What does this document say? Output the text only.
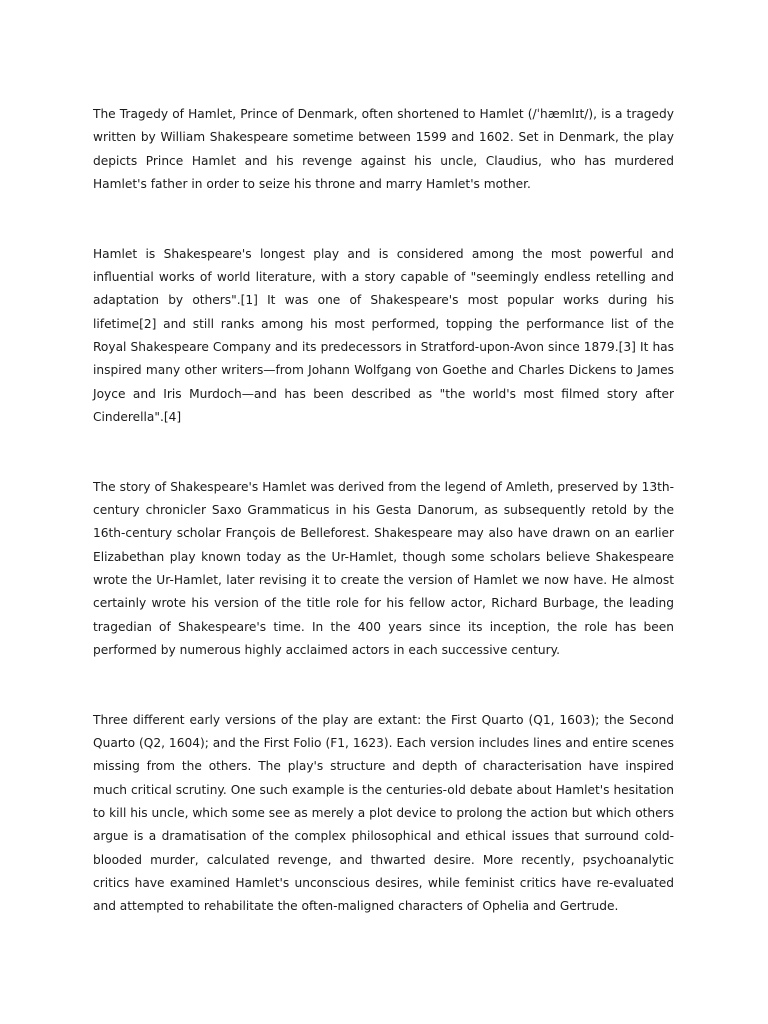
The Tragedy of Hamlet, Prince of Denmark, often shortened to Hamlet (/ˈhæmlɪt/), is a tragedy written by William Shakespeare sometime between 1599 and 1602. Set in Denmark, the play depicts Prince Hamlet and his revenge against his uncle, Claudius, who has murdered Hamlet's father in order to seize his throne and marry Hamlet's mother.

Hamlet is Shakespeare's longest play and is considered among the most powerful and influential works of world literature, with a story capable of "seemingly endless retelling and adaptation by others".[1] It was one of Shakespeare's most popular works during his lifetime[2] and still ranks among his most performed, topping the performance list of the Royal Shakespeare Company and its predecessors in Stratford-upon-Avon since 1879.[3] It has inspired many other writers—from Johann Wolfgang von Goethe and Charles Dickens to James Joyce and Iris Murdoch—and has been described as "the world's most filmed story after Cinderella".[4]

The story of Shakespeare's Hamlet was derived from the legend of Amleth, preserved by 13th-century chronicler Saxo Grammaticus in his Gesta Danorum, as subsequently retold by the 16th-century scholar François de Belleforest. Shakespeare may also have drawn on an earlier Elizabethan play known today as the Ur-Hamlet, though some scholars believe Shakespeare wrote the Ur-Hamlet, later revising it to create the version of Hamlet we now have. He almost certainly wrote his version of the title role for his fellow actor, Richard Burbage, the leading tragedian of Shakespeare's time. In the 400 years since its inception, the role has been performed by numerous highly acclaimed actors in each successive century.

Three different early versions of the play are extant: the First Quarto (Q1, 1603); the Second Quarto (Q2, 1604); and the First Folio (F1, 1623). Each version includes lines and entire scenes missing from the others. The play's structure and depth of characterisation have inspired much critical scrutiny. One such example is the centuries-old debate about Hamlet's hesitation to kill his uncle, which some see as merely a plot device to prolong the action but which others argue is a dramatisation of the complex philosophical and ethical issues that surround cold-blooded murder, calculated revenge, and thwarted desire. More recently, psychoanalytic critics have examined Hamlet's unconscious desires, while feminist critics have re-evaluated and attempted to rehabilitate the often-maligned characters of Ophelia and Gertrude.
